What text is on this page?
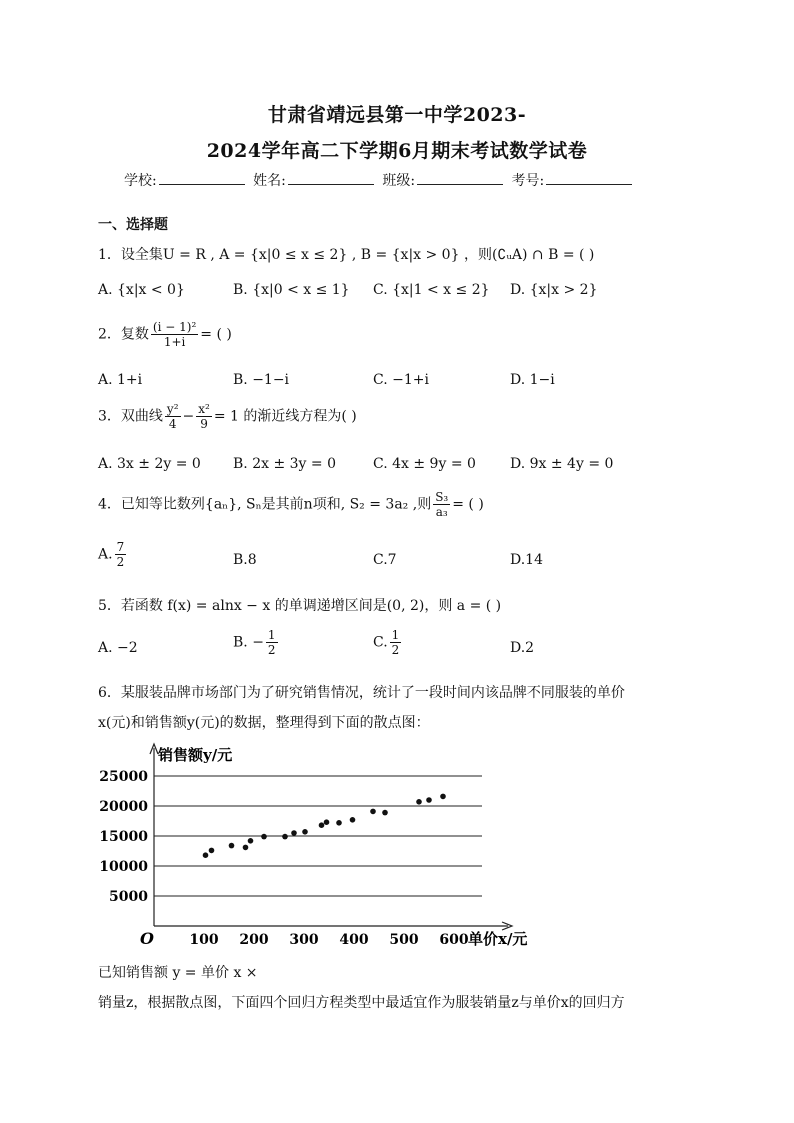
甘肃省靖远县第一中学2023-
2024学年高二下学期6月期末考试数学试卷
学校:	姓名:	班级:	考号:
一、选择题
1．设全集U = R , A = {x|0 ≤ x ≤ 2} , B = {x|x > 0} ，则(∁ᵤA) ∩ B = ( )
A. {x|x < 0}	B. {x|0 < x ≤ 1} C. {x|1 < x ≤ 2} D. {x|x > 2}
2．复数 $\frac{\text{(i − 1)²}}{1+i}$ = ( )
A. 1+i	B. −1−i	C. −1+i	D. 1−i
3．双曲线 $\frac{\text{y²}}{4} - \frac{\text{x²}}{9} = 1$ 的渐近线方程为( )
A. 3x ± 2y = 0 B. 2x ± 3y = 0	C. 4x ± 9y = 0 D. 9x ± 4y = 0
4．已知等比数列{aₙ}, Sₙ是其前n项和, S₂ = 3a₂ ,则 $\frac{\text{S₃}}{\text{a₃}}$ = ( )
A. $\frac{7}{2}$	B.8	C.7	D.14
5．若函数 f(x) = alnx − x 的单调递增区间是(0, 2)，则 a = ( )
A. −2	B. − $\frac{1}{2}$	C. $\frac{1}{2}$	D.2
6．某服装品牌市场部门为了研究销售情况，统计了一段时间内该品牌不同服装的单价
x(元)和销售额y(元)的数据，整理得到下面的散点图：
5000
10000
15000
20000
25000
100 200 300 400 500 600
O
销售额y/元
单价x/元
已知销售额 y = 单价 x ×
销量z，根据散点图，下面四个回归方程类型中最适宜作为服装销量z与单价x的回归方
